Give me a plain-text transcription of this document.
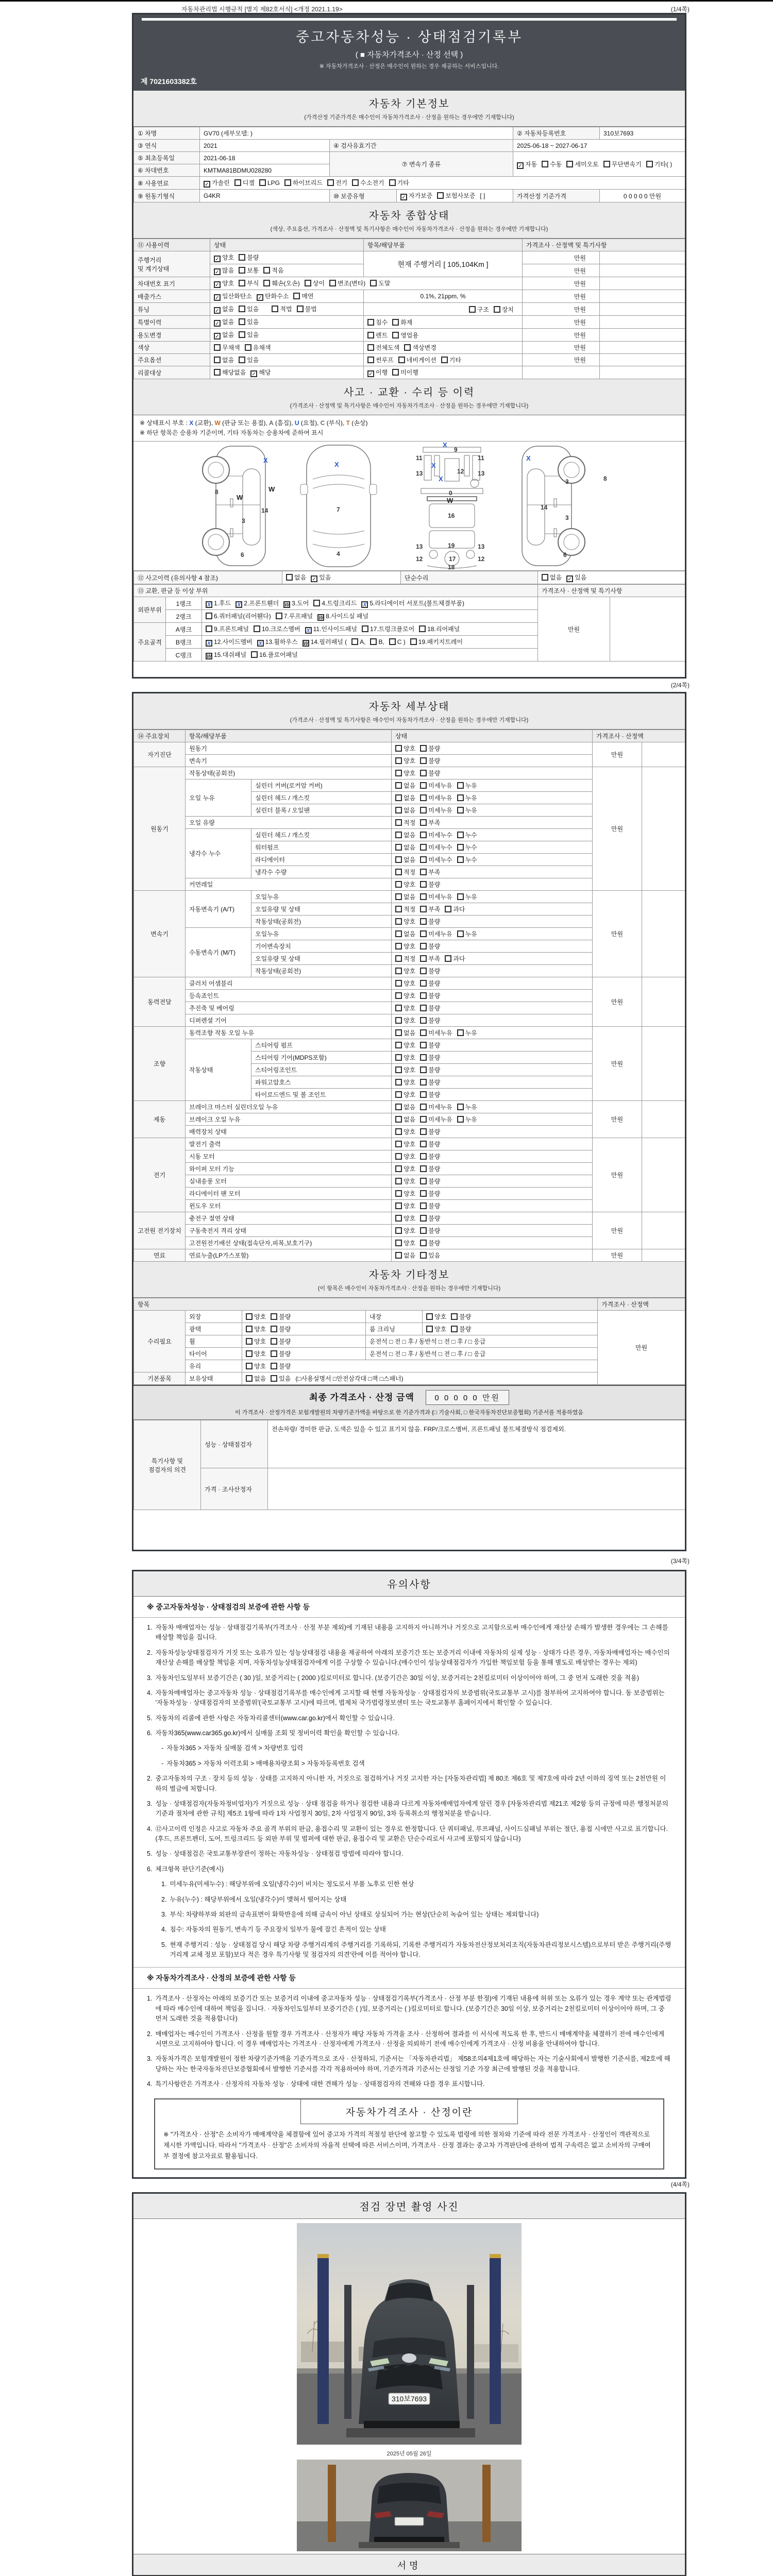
자동차관리법 시행규칙 [별지 제82호서식] <개정 2021.1.19>	(1/4쪽)
(2/4쪽)
(3/4쪽)
(4/4쪽)
중고자동차성능 · 상태점검기록부
( ■ 자동차가격조사 · 산정 선택 )
※ 자동차가격조사 · 산정은 매수인이 원하는 경우 제공하는 서비스입니다.
제 7021603382호
자동차 기본정보
(가격산정 기준가격은 매수인이 자동차가격조사 · 산정을 원하는 경우에만 기재합니다)
① 차명	GV70 (세부모델: )			② 자동차등록번호	310보7693
③ 연식	2021	④ 검사유효기간		2025-06-18 ~ 2027-06-17	
⑤ 최초등록일	2021-06-18	⑦ 변속기 종류	✓자동 수동 세미오토 무단변속기 기타( )
⑥ 차대번호	KMTMA81BDMU028280				
⑧ 사용연료	✓가솔린 디젤 LPG 하이브리드 전기 수소전기 기타
⑨ 원동기형식	G4KR	⑩ 보증유형	✓자가보증 보험사보증 [ ]	가격산정 기준가격	0 0 0 0 0 만원
자동차 종합상태
(색상, 주요옵션, 가격조사 · 산정액 및 특기사항은 매수인이 자동차가격조사 · 산정을 원하는 경우에만 기재합니다)
⑪ 사용이력	상태	항목/해당부품	가격조사 · 산정액 및 특기사항	

주행거리
및 계기상태
	✓양호 불량	현재 주행거리 [ 105,104Km ]	만원	
✓많음 보통 적음		만원	
차대번호 표기	✓양호 부식 훼손(오손) 상이 변조(변타) 도말		만원	
배출가스	✓일산화탄소 ✓ 탄화수소 매연	0.1%, 21ppm, %	만원	
튜닝	✓없음 있음 적법 불법	구조 장치	만원	
특별이력	✓없음 있음	침수 화재	만원	
용도변경	✓없음 있음	렌트 영업용	만원	
색상	무채색 유채색	전체도색 색상변경	만원	
주요옵션	없음 있음	썬루프 네비게이션 기타	만원	
리콜대상	해당없음 ✓ 해당	✓이행 미이행		
사고 · 교환 · 수리 등 이력
(가격조사 · 산정액 및 특기사항은 매수인이 자동차가격조사 · 산정을 원하는 경우에만 기재합니다)
※ 상태표시 부호 : X (교환), W (판금 또는 용접), A (흠집), U (요철), C (부식), T (손상)
※ 하단 항목은 승용차 기준이며, 기타 자동차는 승용차에 준하여 표시
X
8
W
W
14
3
6
X
7
4
X
9
11	11
13	13
X
X
12
0
W
16
13	19	13
12	17	12
18
X
3	8
14
3
6
⑫ 사고이력 (유의사항 4 참조)	없음 ✓ 있음	단순수리	없음 ✓ 있음
⑬ 교환, 판금 등 이상 부위			가격조사 · 산정액 및 특기사항	
외판부위	1랭크	X 1.후드 X 2.프론트휀더 W 3.도어 4.트렁크리드 X 5.라디에이터 서포트(볼트체결부품)	만원	
	2랭크	6.쿼터패널(리어휀다) 7.루프패널 W 8.사이드실 패널		

주요골격	A랭크	9.프론트패널 10.크로스멤버 X 11.인사이드패널 17.트렁크플로어 18.리어패널		
	B랭크	X 12.사이드멤버 X 13.휠하우스 W 14.필러패널 ( A, B, C ) 19.패키지트레이		
	C랭크	W 15.대쉬패널 16.플로어패널		
자동차 세부상태
(가격조사 · 산정액 및 특기사항은 매수인이 자동차가격조사 · 산정을 원하는 경우에만 기재합니다)
⑭ 주요장치	항목/해당부품		상태	가격조사 · 산정액	
자기진단	원동기		양호 불량	만원	
	변속기		양호 불량		
원동기	작동상태(공회전)		양호 불량	만원	
	오일 누유	실린더 커버(로커암 커버)	없음 미세누유 누유		
		실린더 헤드 / 개스킷	없음 미세누유 누유		
		실린더 블록 / 오일팬	없음 미세누유 누유		
	오일 유량		적정 부족		

	냉각수 누수	실린더 헤드 / 개스킷	없음 미세누수 누수		
		워터펌프	없음 미세누수 누수		
		라디에이터	없음 미세누수 누수		
		냉각수 수량	적정 부족		
	커먼레일		양호 불량		
변속기	자동변속기 (A/T)	오일누유	없음 미세누유 누유	만원	
		오일유량 및 상태	적정 부족 과다		
		작동상태(공회전)	양호 불량		

	수동변속기 (M/T)	오일누유	없음 미세누유 누유		
		기어변속장치	양호 불량		
		오일유량 및 상태	적정 부족 과다		
		작동상태(공회전)	양호 불량		
동력전달	클러치 어셈블리		양호 불량	만원	
	등속죠인트		양호 불량		
	추진축 및 베어링		양호 불량		
	디퍼렌셜 기어		양호 불량		
조향	동력조향 작동 오일 누유		없음 미세누유 누유	만원	
	작동상태	스티어링 펌프	양호 불량		
		스티어링 기어(MDPS포함)	양호 불량		
		스티어링조인트	양호 불량		
		파워고압호스	양호 불량		
		타이로드엔드 및 볼 조인트	양호 불량		
제동	브레이크 마스터 실린더오일 누유		없음 미세누유 누유	만원	
	브레이크 오일 누유		없음 미세누유 누유		
	배력장치 상태		양호 불량		
전기	발전기 출력		양호 불량	만원	
	시동 모터		양호 불량		
	와이퍼 모터 기능		양호 불량		
	실내송풍 모터		양호 불량		
	라디에이터 팬 모터		양호 불량		
	윈도우 모터		양호 불량		

고전원 전기장치	충전구 절연 상태		양호 불량	만원	
	구동축전지 격리 상태		양호 불량		
	고전원전기배선 상태(접속단자,피복,보호기구)		양호 불량		
연료	연료누출(LP가스포함)		없음 있음	만원	
자동차 기타정보
(이 항목은 매수인이 자동차가격조사 · 산정을 원하는 경우에만 기재합니다)
항목					가격조사 · 산정액
수리필요	외장	양호 불량	내장	양호 불량	만원
	광택	양호 불량	룸 크리닝	양호 불량	
	휠	양호 불량	운전석 □ 전 □ 후 / 동반석 □ 전 □ 후 / □ 응급		
	타이어	양호 불량	운전석 □ 전 □ 후 / 동반석 □ 전 □ 후 / □ 응급		
	유리	양호 불량			
기본품목	보유상태	없음 있음 (□사용설명서 □안전삼각대 □잭 □스패너)			
최종 가격조사 · 산정 금액	0 0 0 0 0 만원
이 가격조사 · 산정가격은 보험개발원의 차량기준가액을 바탕으로 한 기준가격과 (□ 기술사회, □ 한국자동차진단보증협회) 기준서를 적용하였음
특기사항 및
점검자의 의견	성능 · 상태점검자	전손차량/ 경미한 판금, 도색은 있을 수 있고 표기치 않음. FRP/크로스멤버, 프론트패널 볼트체결방식 점검제외.
	가격 · 조사산정자	
유의사항
※ 중고자동차성능 · 상태점검의 보증에 관한 사항 등
1. 자동차 매매업자는 성능 · 상태점검기록부(가격조사 · 산정 부분 제외)에 기재된 내용을 고지하지 아니하거나 거짓으로 고지함으로써 매수인에게 재산상 손해가 발생한 경우에는 그 손해를 배상할 책임을 집니다.
2. 자동차성능상태점검자가 거짓 또는 오류가 있는 성능상태점검 내용을 제공하여 아래의 보증기간 또는 보증거리 이내에 자동차의 실제 성능 · 상태가 다른 경우, 자동차매매업자는 매수인의 재산상 손해를 배상할 책임을 지며, 자동차성능상태점검자에게 이를 구상할 수 있습니다.(매수인이 성능상태점검자가 가입한 책임보험 등을 통해 별도로 배상받는 경우는 제외)
3. 자동차인도일부터 보증기간은 ( 30 )일, 보증거리는 ( 2000 )킬로미터로 합니다. (보증기간은 30일 이상, 보증거리는 2천킬로미터 이상이어야 하며, 그 중 먼저 도래한 것을 적용)
4. 자동차매매업자는 중고자동차 성능 · 상태점검기록부를 매수인에게 고지할 때 현행 자동차성능 · 상태점검자의 보증범위(국토교통부 고시)를 첨부하여 고지하여야 합니다. 동 보증범위는 '자동차성능 · 상태점검자의 보증범위'(국토교통부 고시)에 따르며, 법제처 국가법령정보센터 또는 국토교통부 홈페이지에서 확인할 수 있습니다.
5. 자동차의 리콜에 관한 사항은 자동차리콜센터(www.car.go.kr)에서 확인할 수 있습니다.
6. 자동차365(www.car365.go.kr)에서 실매물 조회 및 정비이력 확인을 확인할 수 있습니다.
- 자동차365 > 자동차 실매물 검색 > 차량번호 입력
- 자동차365 > 자동차 이력조회 > 매매용차량조회 > 자동차등록번호 검색
2. 중고자동차의 구조 · 장치 등의 성능 · 상태를 고지하지 아니한 자, 거짓으로 점검하거나 거짓 고지한 자는 [자동차관리법] 제 80조 제6호 및 제7호에 따라 2년 이하의 징역 또는 2천만원 이하의 벌금에 처합니다.
3. 성능 · 상태점검자(자동차정비업자)가 거짓으로 성능 · 상태 점검을 하거나 점검한 내용과 다르게 자동차매매업자에게 알린 경우 [자동차관리법 제21조 제2항 등의 규정에 따른 행정처분의 기준과 절차에 관한 규칙] 제5조 1항에 따라 1차 사업정지 30일, 2차 사업정지 90일, 3차 등록취소의 행정처분을 받습니다.
4. ⑫사고이력 인정은 사고로 자동차 주요 골격 부위의 판금, 용접수리 및 교환이 있는 경우로 한정합니다. 단 쿼터패널, 루프패널, 사이드실패널 부위는 절단, 용접 시에만 사고로 표기합니다. (후드, 프론트펜더, 도어, 트렁크리드 등 외판 부위 및 범퍼에 대한 판금, 용접수리 및 교환은 단순수리로서 사고에 포함되지 않습니다)
5. 성능 · 상태점검은 국토교통부장관이 정하는 자동차성능 · 상태점검 방법에 따라야 합니다.
6. 체크항목 판단기준(예시)
1. 미세누유(미세누수) : 해당부위에 오일(냉각수)이 비치는 정도로서 부품 노후로 인한 현상
2. 누유(누수) : 해당부위에서 오일(냉각수)이 맺혀서 떨어지는 상태
3. 부식: 차량하부와 외판의 금속표면이 화학반응에 의해 금속이 아닌 상태로 상실되어 가는 현상(단순히 녹슬어 있는 상태는 제외합니다)
4. 침수: 자동차의 원동기, 변속기 등 주요장치 일부가 물에 잠긴 흔적이 있는 상태
5. 현재 주행거리 : 성능 · 상태점검 당시 해당 차량 주행거리계의 주행거리를 기록하되, 기록한 주행거리가 자동차전산정보처리조직(자동차관리정보시스템)으로부터 받은 주행거리(주행거리계 교체 정보 포함)보다 적은 경우 특기사항 및 점검자의 의견'란에 이를 적어야 합니다.
※ 자동차가격조사 · 산정의 보증에 관한 사항 등
1. 가격조사 · 산정자는 아래의 보증기간 또는 보증거리 이내에 중고자동차 성능 · 상태점검기록부(가격조사 · 산정 부분 한정)에 기재된 내용에 허위 또는 오류가 있는 경우 계약 또는 관계법령에 따라 매수인에 대하여 책임을 집니다. · 자동차인도일부터 보증기간은 ( )일, 보증거리는 ( )킬로미터로 합니다. (보증기간은 30일 이상, 보증거리는 2천킬로미터 이상이어야 하며, 그 중 먼저 도래한 것을 적용합니다)
2. 매매업자는 매수인이 가격조사 · 산정을 원할 경우 가격조사 · 산정자가 해당 자동차 가격을 조사 · 산정하여 결과를 이 서식에 적도록 한 후, 반드시 매매계약을 체결하기 전에 매수인에게 서면으로 고지하여야 합니다. 이 경우 매매업자는 가격조사 · 산정자에게 가격조사 · 산정을 의뢰하기 전에 매수인에게 가격조사 · 산정 비용을 안내하여야 합니다.
3. 자동차가격은 보험개발원이 정한 차량기준가액을 기준가격으로 조사 · 산정하되, 기준서는 「자동차관리법」 제58조의4제1호에 해당하는 자는 기술사회에서 발행한 기준서를, 제2호에 해당하는 자는 한국자동차진단보증협회에서 발행한 기준서를 각각 적용하여야 하며, 기준가격과 기준서는 산정일 기준 가장 최근에 발행된 것을 적용합니다.
4. 특기사항란은 가격조사 · 산정자의 자동차 성능 · 상태에 대한 견해가 성능 · 상태점검자의 견해와 다를 경우 표시합니다.
자동차가격조사 · 산정이란
※ "가격조사 · 산정"은 소비자가 매매계약을 체결함에 있어 중고차 가격의 적절성 판단에 참고할 수 있도록 법령에 의한 절차와 기준에 따라 전문 가격조사 · 산정인이 객관적으로 제시한 가액입니다. 따라서 "가격조사 · 산정"은 소비자의 자율적 선택에 따른 서비스이며, 가격조사 · 산정 결과는 중고차 가격판단에 관하여 법적 구속력은 없고 소비자의 구매여부 결정에 참고자료로 활용됩니다.
점검 장면 촬영 사진
310보7693
2025년 05월 26일
서명
